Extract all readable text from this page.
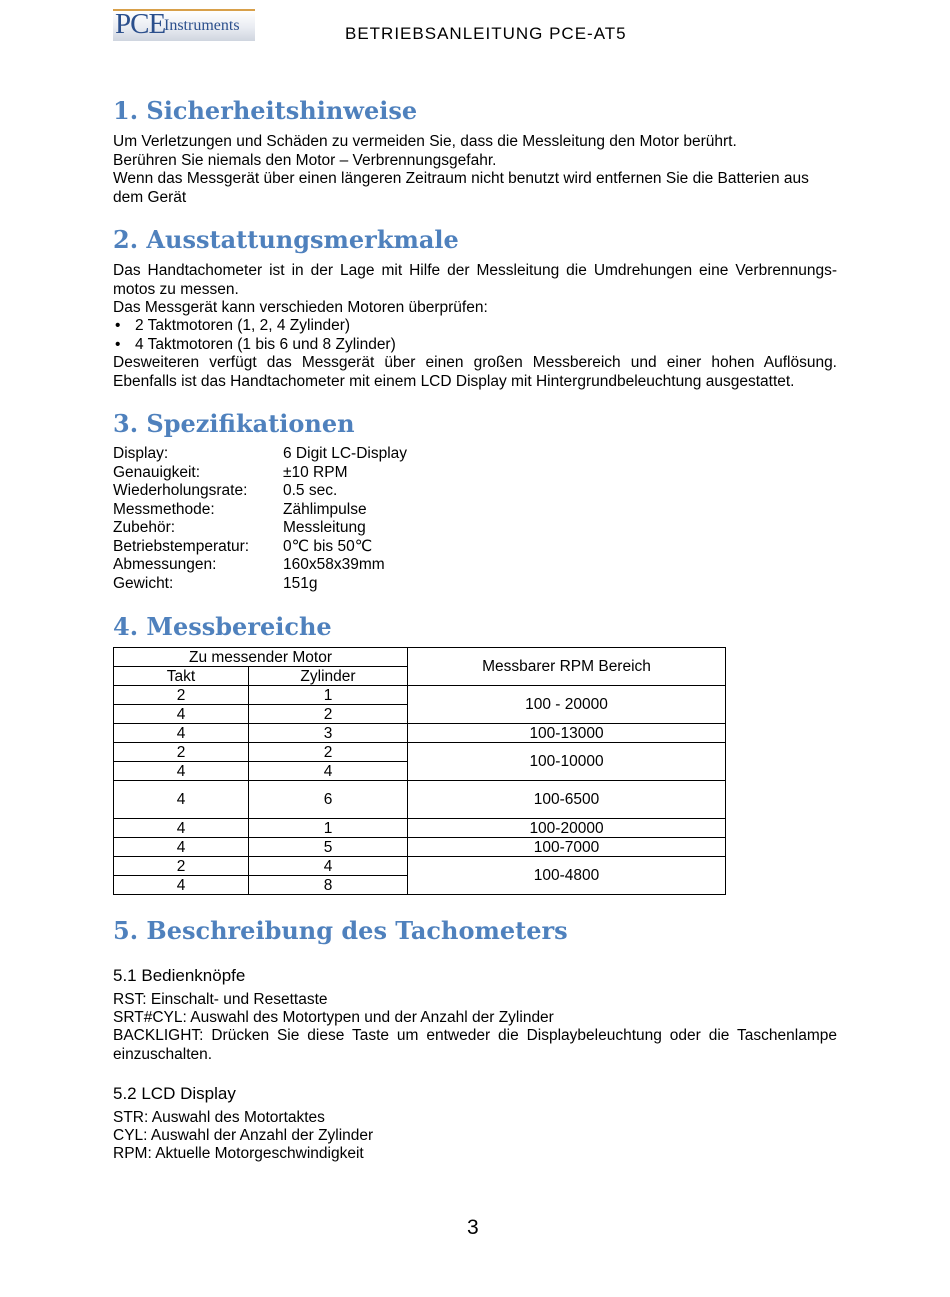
PCE
Instruments	BETRIEBSANLEITUNG PCE-AT5
1. Sicherheitshinweise
Um Verletzungen und Schäden zu vermeiden Sie, dass die Messleitung den Motor berührt.
Berühren Sie niemals den Motor – Verbrennungsgefahr.
Wenn das Messgerät über einen längeren Zeitraum nicht benutzt wird entfernen Sie die Batterien aus dem Gerät
2. Ausstattungsmerkmale
Das Handtachometer ist in der Lage mit Hilfe der Messleitung die Umdrehungen eine Verbrennungs-motos zu messen.
Das Messgerät kann verschieden Motoren überprüfen:
• 2 Taktmotoren (1, 2, 4 Zylinder)
• 4 Taktmotoren (1 bis 6 und 8 Zylinder)
Desweiteren verfügt das Messgerät über einen großen Messbereich und einer hohen Auflösung. Ebenfalls ist das Handtachometer mit einem LCD Display mit Hintergrundbeleuchtung ausgestattet.
3. Spezifikationen
Display:	6 Digit LC-Display
Genauigkeit:	±10 RPM
Wiederholungsrate: 0.5 sec.
Messmethode:	Zählimpulse
Zubehör:	Messleitung
Betriebstemperatur: 0℃ bis 50℃
Abmessungen:	160x58x39mm
Gewicht:	151g
4. Messbereiche
Zu messender Motor		Messbarer RPM Bereich
Takt	Zylinder	
2	1	100 - 20000
4	2	
4	3	100-13000
2	2	100-10000
4	4	
4	6	100-6500
4	1	100-20000
4	5	100-7000
2	4	100-4800
4	8	
5. Beschreibung des Tachometers
5.1 Bedienknöpfe
RST: Einschalt- und Resettaste
SRT#CYL: Auswahl des Motortypen und der Anzahl der Zylinder
BACKLIGHT: Drücken Sie diese Taste um entweder die Displaybeleuchtung oder die Taschenlampe einzuschalten.
5.2 LCD Display
STR: Auswahl des Motortaktes
CYL: Auswahl der Anzahl der Zylinder
RPM: Aktuelle Motorgeschwindigkeit
3
